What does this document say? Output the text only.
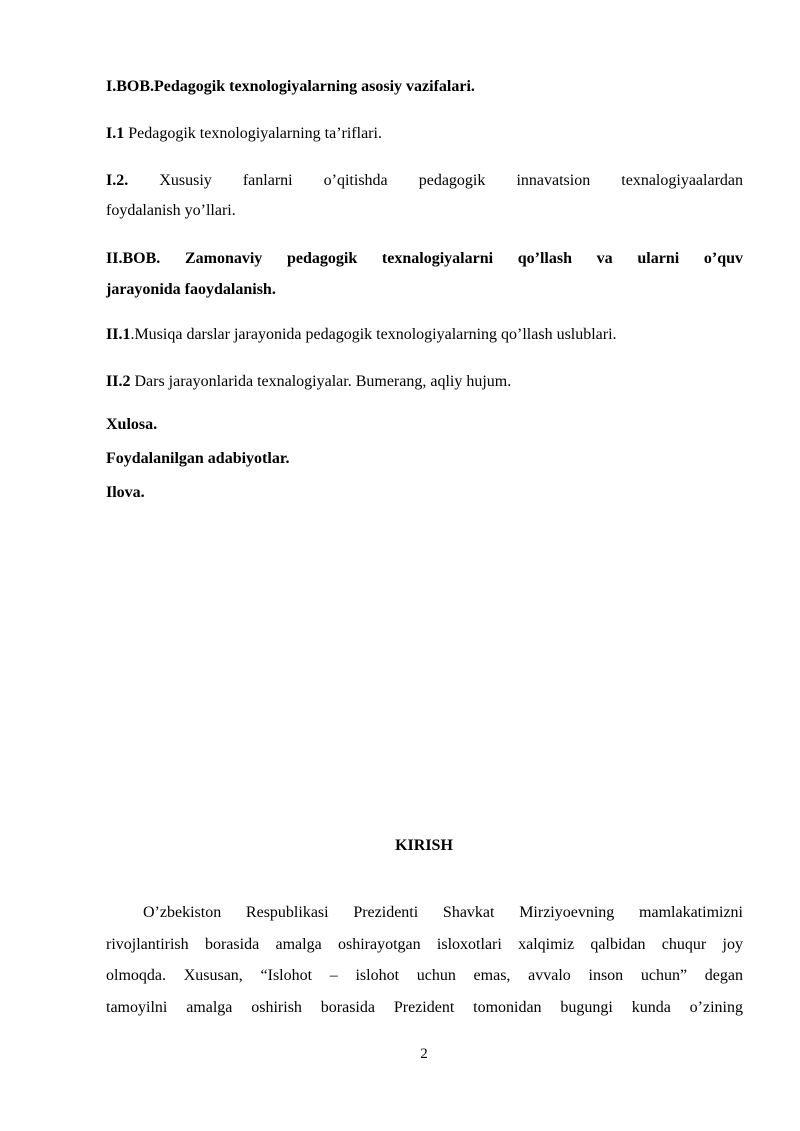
I.BOB.Pedagogik texnologiyalarning asosiy vazifalari.
I.1 Pedagogik texnologiyalarning ta’riflari.
I.2. Xususiy fanlarni o’qitishda pedagogik innavatsion texnalogiyaalardan
foydalanish yo’llari.
II.BOB. Zamonaviy pedagogik texnalogiyalarni qo’llash va ularni o’quv
jarayonida faoydalanish.
II.1.Musiqa darslar jarayonida pedagogik texnologiyalarning qo’llash uslublari.
II.2 Dars jarayonlarida texnalogiyalar. Bumerang, aqliy hujum.
Xulosa.
Foydalanilgan adabiyotlar.
Ilova.
KIRISH
O’zbekiston Respublikasi Prezidenti Shavkat Mirziyoevning mamlakatimizni
rivojlantirish borasida amalga oshirayotgan isloxotlari xalqimiz qalbidan chuqur joy
olmoqda. Xususan, “Islohot – islohot uchun emas, avvalo inson uchun” degan
tamoyilni amalga oshirish borasida Prezident tomonidan bugungi kunda o’zining
2
